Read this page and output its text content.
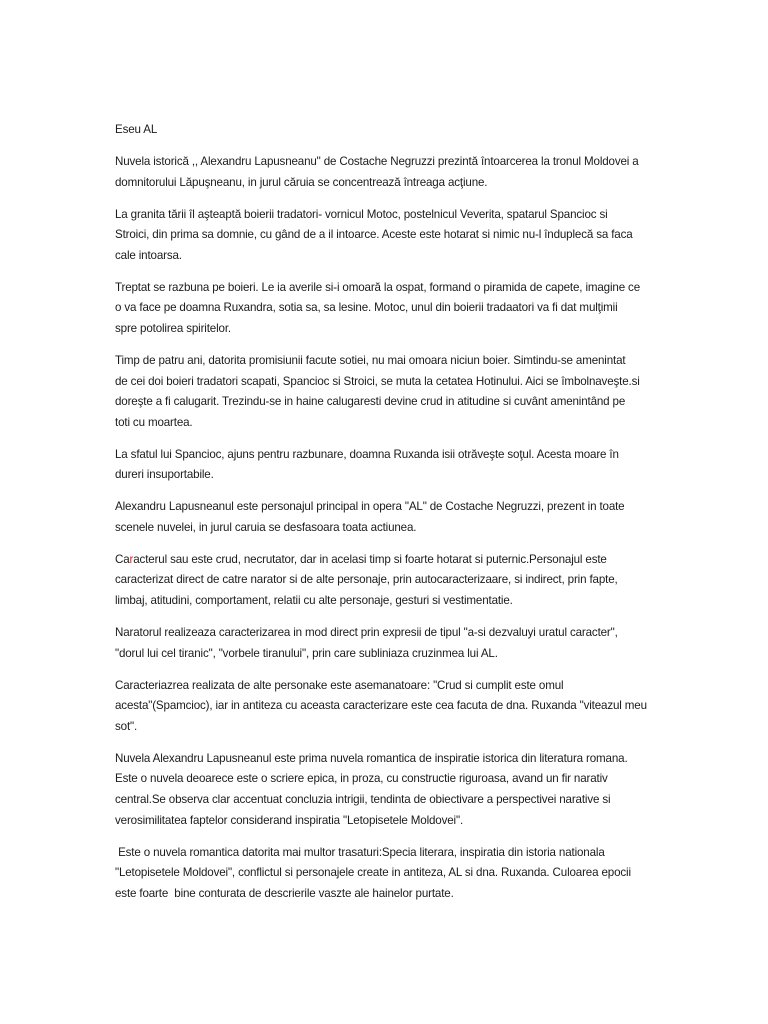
Eseu AL
Nuvela istorică ,, Alexandru Lapusneanu" de Costache Negruzzi prezintă întoarcerea la tronul Moldovei a
domnitorului Lăpuşneanu, in jurul căruia se concentrează întreaga acţiune.
La granita tării îl aşteaptă boierii tradatori- vornicul Motoc, postelnicul Veverita, spatarul Spancioc si
Stroici, din prima sa domnie, cu gând de a il intoarce. Aceste este hotarat si nimic nu-l înduplecă sa faca
cale intoarsa.
Treptat se razbuna pe boieri. Le ia averile si-i omoară la ospat, formand o piramida de capete, imagine ce
o va face pe doamna Ruxandra, sotia sa, sa lesine. Motoc, unul din boierii tradaatori va fi dat mulţimii
spre potolirea spiritelor.
Timp de patru ani, datorita promisiunii facute sotiei, nu mai omoara niciun boier. Simtindu-se amenintat
de cei doi boieri tradatori scapati, Spancioc si Stroici, se muta la cetatea Hotinului. Aici se îmbolnaveşte.si
doreşte a fi calugarit. Trezindu-se in haine calugaresti devine crud in atitudine si cuvânt amenintând pe
toti cu moartea.
La sfatul lui Spancioc, ajuns pentru razbunare, doamna Ruxanda isii otrăveşte soţul. Acesta moare în
dureri insuportabile.
Alexandru Lapusneanul este personajul principal in opera "AL" de Costache Negruzzi, prezent in toate
scenele nuvelei, in jurul caruia se desfasoara toata actiunea.
Caracterul sau este crud, necrutator, dar in acelasi timp si foarte hotarat si puternic.Personajul este
caracterizat direct de catre narator si de alte personaje, prin autocaracterizaare, si indirect, prin fapte,
limbaj, atitudini, comportament, relatii cu alte personaje, gesturi si vestimentatie.
Naratorul realizeaza caracterizarea in mod direct prin expresii de tipul "a-si dezvaluyi uratul caracter",
"dorul lui cel tiranic", "vorbele tiranului", prin care subliniaza cruzinmea lui AL.
Caracteriazrea realizata de alte personake este asemanatoare: "Crud si cumplit este omul
acesta"(Spamcioc), iar in antiteza cu aceasta caracterizare este cea facuta de dna. Ruxanda "viteazul meu
sot".
Nuvela Alexandru Lapusneanul este prima nuvela romantica de inspiratie istorica din literatura romana.
Este o nuvela deoarece este o scriere epica, in proza, cu constructie riguroasa, avand un fir narativ
central.Se observa clar accentuat concluzia intrigii, tendinta de obiectivare a perspectivei narative si
verosimilitatea faptelor considerand inspiratia "Letopisetele Moldovei".
Este o nuvela romantica datorita mai multor trasaturi:Specia literara, inspiratia din istoria nationala
"Letopisetele Moldovei", conflictul si personajele create in antiteza, AL si dna. Ruxanda. Culoarea epocii
este foarte  bine conturata de descrierile vaszte ale hainelor purtate.
